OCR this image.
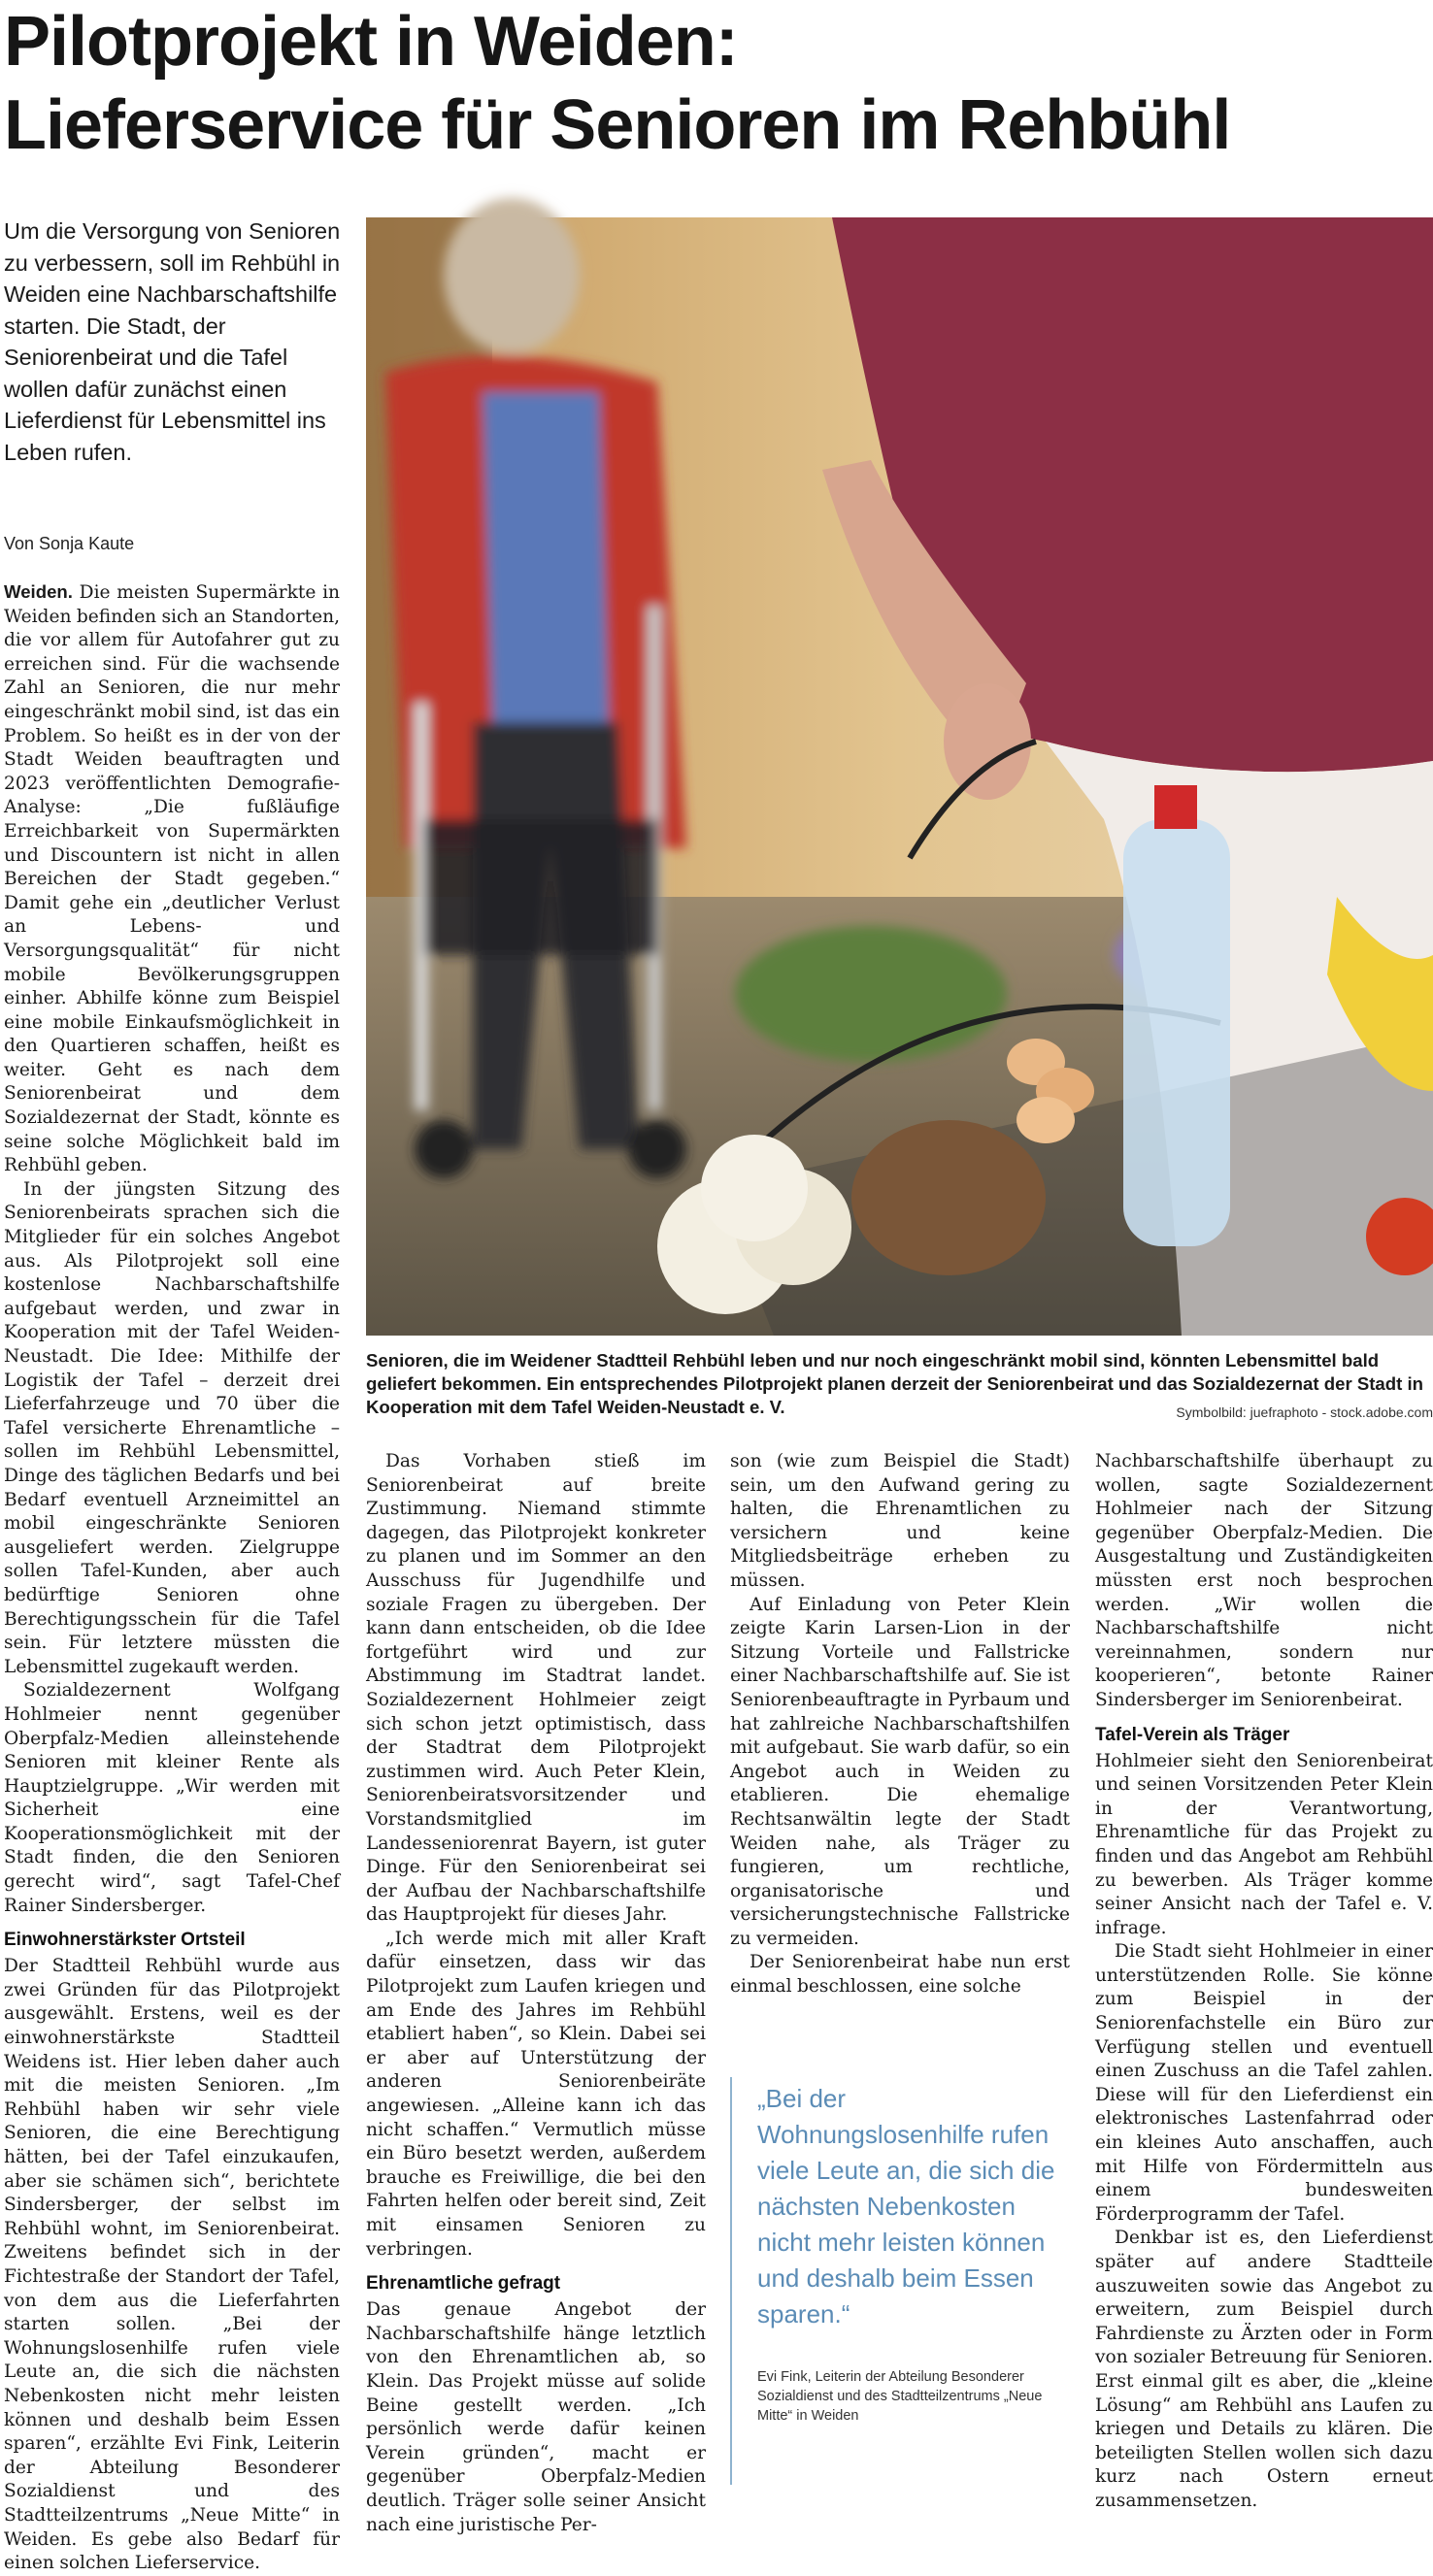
Pilotprojekt in Weiden:
Lieferservice für Senioren im Rehbühl
Um die Versorgung von Senioren zu verbessern, soll im Rehbühl in Weiden eine Nachbarschaftshilfe starten. Die Stadt, der Seniorenbeirat und die Tafel wollen dafür zunächst einen Lieferdienst für Lebensmittel ins Leben rufen.
Von Sonja Kaute

Weiden. Die meisten Supermärkte in Weiden befinden sich an Standorten, die vor allem für Autofahrer gut zu erreichen sind. Für die wachsende Zahl an Senioren, die nur mehr eingeschränkt mobil sind, ist das ein Problem. So heißt es in der von der Stadt Weiden beauftragten und 2023 veröffentlichten Demografie-Analyse: „Die fußläufige Erreichbarkeit von Supermärkten und Discountern ist nicht in allen Bereichen der Stadt gegeben.“ Damit gehe ein „deutlicher Verlust an Lebens- und Versorgungsqualität“ für nicht mobile Bevölkerungsgruppen einher. Abhilfe könne zum Beispiel eine mobile Einkaufsmöglichkeit in den Quartieren schaffen, heißt es weiter. Geht es nach dem Seniorenbeirat und dem Sozialdezernat der Stadt, könnte es seine solche Möglichkeit bald im Rehbühl geben.

In der jüngsten Sitzung des Seniorenbeirats sprachen sich die Mitglieder für ein solches Angebot aus. Als Pilotprojekt soll eine kostenlose Nachbarschaftshilfe aufgebaut werden, und zwar in Kooperation mit der Tafel Weiden-Neustadt. Die Idee: Mithilfe der Logistik der Tafel – derzeit drei Lieferfahrzeuge und 70 über die Tafel versicherte Ehrenamtliche – sollen im Rehbühl Lebensmittel, Dinge des täglichen Bedarfs und bei Bedarf eventuell Arzneimittel an mobil eingeschränkte Senioren ausgeliefert werden. Zielgruppe sollen Tafel-Kunden, aber auch bedürftige Senioren ohne Berechtigungsschein für die Tafel sein. Für letztere müssten die Lebensmittel zugekauft werden.

Sozialdezernent Wolfgang Hohlmeier nennt gegenüber Oberpfalz-Medien alleinstehende Senioren mit kleiner Rente als Hauptzielgruppe. „Wir werden mit Sicherheit eine Kooperationsmöglichkeit mit der Stadt finden, die den Senioren gerecht wird“, sagt Tafel-Chef Rainer Sindersberger.

Einwohnerstärkster Ortsteil

Der Stadtteil Rehbühl wurde aus zwei Gründen für das Pilotprojekt ausgewählt. Erstens, weil es der einwohnerstärkste Stadtteil Weidens ist. Hier leben daher auch mit die meisten Senioren. „Im Rehbühl haben wir sehr viele Senioren, die eine Berechtigung hätten, bei der Tafel einzukaufen, aber sie schämen sich“, berichtete Sindersberger, der selbst im Rehbühl wohnt, im Seniorenbeirat. Zweitens befindet sich in der Fichtestraße der Standort der Tafel, von dem aus die Lieferfahrten starten sollen. „Bei der Wohnungslosenhilfe rufen viele Leute an, die sich die nächsten Nebenkosten nicht mehr leisten können und deshalb beim Essen sparen“, erzählte Evi Fink, Leiterin der Abteilung Besonderer Sozialdienst und des Stadtteilzentrums „Neue Mitte“ in Weiden. Es gebe also Bedarf für einen solchen Lieferservice.

Senioren, die im Weidener Stadtteil Rehbühl leben und nur noch eingeschränkt mobil sind, könnten Lebensmittel bald geliefert bekommen. Ein entsprechendes Pilotprojekt planen derzeit der Seniorenbeirat und das Sozialdezernat der Stadt in Kooperation mit dem Tafel Weiden-Neustadt e. V.	Symbolbild: juefraphoto - stock.adobe.com

Das Vorhaben stieß im Seniorenbeirat auf breite Zustimmung. Niemand stimmte dagegen, das Pilotprojekt konkreter zu planen und im Sommer an den Ausschuss für Jugendhilfe und soziale Fragen zu übergeben. Der kann dann entscheiden, ob die Idee fortgeführt wird und zur Abstimmung im Stadtrat landet. Sozialdezernent Hohlmeier zeigt sich schon jetzt optimistisch, dass der Stadtrat dem Pilotprojekt zustimmen wird. Auch Peter Klein, Seniorenbeiratsvorsitzender und Vorstandsmitglied im Landesseniorenrat Bayern, ist guter Dinge. Für den Seniorenbeirat sei der Aufbau der Nachbarschaftshilfe das Hauptprojekt für dieses Jahr.

„Ich werde mich mit aller Kraft dafür einsetzen, dass wir das Pilotprojekt zum Laufen kriegen und am Ende des Jahres im Rehbühl etabliert haben“, so Klein. Dabei sei er aber auf Unterstützung der anderen Seniorenbeiräte angewiesen. „Alleine kann ich das nicht schaffen.“ Vermutlich müsse ein Büro besetzt werden, außerdem brauche es Freiwillige, die bei den Fahrten helfen oder bereit sind, Zeit mit einsamen Senioren zu verbringen.

Ehrenamtliche gefragt

Das genaue Angebot der Nachbarschaftshilfe hänge letztlich von den Ehrenamtlichen ab, so Klein. Das Projekt müsse auf solide Beine gestellt werden. „Ich persönlich werde dafür keinen Verein gründen“, macht er gegenüber Oberpfalz-Medien deutlich. Träger solle seiner Ansicht nach eine juristische Per-

son (wie zum Beispiel die Stadt) sein, um den Aufwand gering zu halten, die Ehrenamtlichen zu versichern und keine Mitgliedsbeiträge erheben zu müssen.

Auf Einladung von Peter Klein zeigte Karin Larsen-Lion in der Sitzung Vorteile und Fallstricke einer Nachbarschaftshilfe auf. Sie ist Seniorenbeauftragte in Pyrbaum und hat zahlreiche Nachbarschaftshilfen mit aufgebaut. Sie warb dafür, so ein Angebot auch in Weiden zu etablieren. Die ehemalige Rechtsanwältin legte der Stadt Weiden nahe, als Träger zu fungieren, um rechtliche, organisatorische und versicherungstechnische Fallstricke zu vermeiden.

Der Seniorenbeirat habe nun erst einmal beschlossen, eine solche

„Bei der Wohnungslosenhilfe rufen viele Leute an, die sich die nächsten Nebenkosten nicht mehr leisten können und deshalb beim Essen sparen.“
Evi Fink, Leiterin der Abteilung Besonderer Sozialdienst und des Stadtteilzentrums „Neue Mitte“ in Weiden

Nachbarschaftshilfe überhaupt zu wollen, sagte Sozialdezernent Hohlmeier nach der Sitzung gegenüber Oberpfalz-Medien. Die Ausgestaltung und Zuständigkeiten müssten erst noch besprochen werden. „Wir wollen die Nachbarschaftshilfe nicht vereinnahmen, sondern nur kooperieren“, betonte Rainer Sindersberger im Seniorenbeirat.

Tafel-Verein als Träger

Hohlmeier sieht den Seniorenbeirat und seinen Vorsitzenden Peter Klein in der Verantwortung, Ehrenamtliche für das Projekt zu finden und das Angebot am Rehbühl zu bewerben. Als Träger komme seiner Ansicht nach der Tafel e. V. infrage.

Die Stadt sieht Hohlmeier in einer unterstützenden Rolle. Sie könne zum Beispiel in der Seniorenfachstelle ein Büro zur Verfügung stellen und eventuell einen Zuschuss an die Tafel zahlen. Diese will für den Lieferdienst ein elektronisches Lastenfahrrad oder ein kleines Auto anschaffen, auch mit Hilfe von Fördermitteln aus einem bundesweiten Förderprogramm der Tafel.

Denkbar ist es, den Lieferdienst später auf andere Stadtteile auszuweiten sowie das Angebot zu erweitern, zum Beispiel durch Fahrdienste zu Ärzten oder in Form von sozialer Betreuung für Senioren. Erst einmal gilt es aber, die „kleine Lösung“ am Rehbühl ans Laufen zu kriegen und Details zu klären. Die beteiligten Stellen wollen sich dazu kurz nach Ostern erneut zusammensetzen.
